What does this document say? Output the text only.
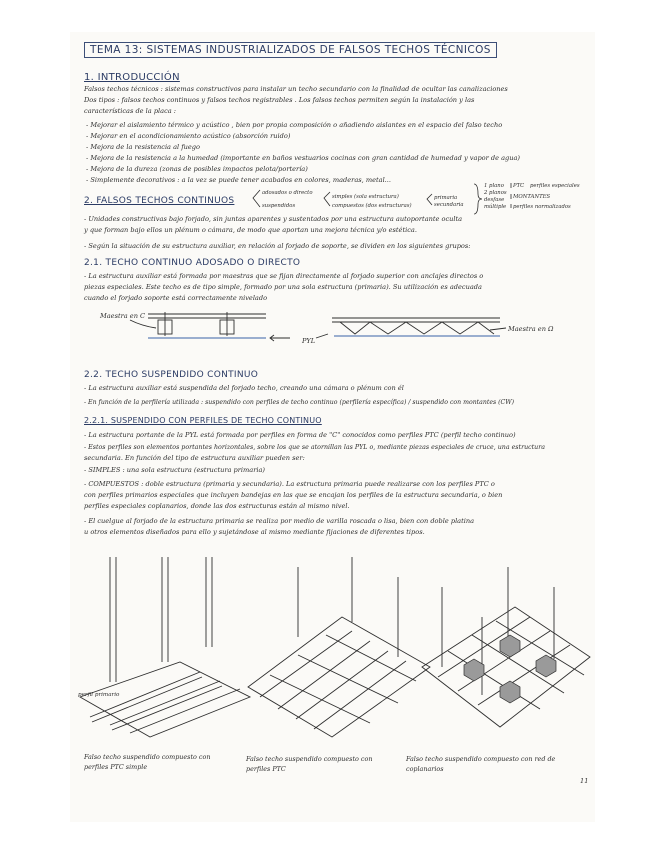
TEMA 13: SISTEMAS INDUSTRIALIZADOS DE FALSOS TECHOS TÉCNICOS
1. INTRODUCCIÓN
Falsos techos técnicos : sistemas constructivos para instalar un techo secundario con la finalidad de ocultar las canalizaciones
Dos tipos : falsos techos continuos y falsos techos registrables . Los falsos techos permiten según la instalación y las
características de la placa :
- Mejorar el aislamiento térmico y acústico , bien por propia composición o añadiendo aislantes en el espacio del falso techo
- Mejorar en el acondicionamiento acústico (absorción ruido)
- Mejora de la resistencia al fuego
- Mejora de la resistencia a la humedad (importante en baños vestuarios cocinas con gran cantidad de humedad y vapor de agua)
- Mejora de la dureza (zonas de posibles impactos pelota/portería)
- Simplemente decorativos : a la vez se puede tener acabados en colores, maderas, metal...
2. FALSOS TECHOS CONTINUOS
adosados o directo
suspendidos
simples (sola estructura)
compuestos (dos estructuras)
primaria
secundaria
1 plano
2 planos
desfase
múltiple
PTC perfiles especiales
MONTANTES
perfiles normalizados
- Unidades constructivas bajo forjado, sin juntas aparentes y sustentados por una estructura autoportante oculta
y que forman bajo ellos un plénum o cámara, de modo que aportan una mejora técnica y/o estética.
- Según la situación de su estructura auxiliar, en relación al forjado de soporte, se dividen en los siguientes grupos:
2.1. TECHO CONTINUO ADOSADO O DIRECTO
- La estructura auxiliar está formada por maestras que se fijan directamente al forjado superior con anclajes directos o
piezas especiales. Este techo es de tipo simple, formado por una sola estructura (primaria). Su utilización es adecuada
cuando el forjado soporte está correctamente nivelado
Maestra en C
PYL
Maestra en Ω
2.2. TECHO SUSPENDIDO CONTINUO
- La estructura auxiliar está suspendida del forjado techo, creando una cámara o plénum con él
- En función de la perfilería utilizada : suspendido con perfiles de techo continuo (perfilería específica) / suspendido con montantes (CW)
2.2.1. SUSPENDIDO CON PERFILES DE TECHO CONTINUO
- La estructura portante de la PYL está formada por perfiles en forma de "C" conocidos como perfiles PTC (perfil techo continuo)
- Estos perfiles son elementos portantes horizontales, sobre los que se atornillan las PYL o, mediante piezas especiales de cruce, una estructura
secundaria. En función del tipo de estructura auxiliar pueden ser:
- SIMPLES : una sola estructura (estructura primaria)
- COMPUESTOS : doble estructura (primaria y secundaria). La estructura primaria puede realizarse con los perfiles PTC o
con perfiles primarios especiales que incluyen bandejas en las que se encajan los perfiles de la estructura secundaria, o bien
perfiles especiales coplanarios, donde las dos estructuras están al mismo nivel.
- El cuelgue al forjado de la estructura primaria se realiza por medio de varilla roscada o lisa, bien con doble platina
u otros elementos diseñados para ello y sujetándose al mismo mediante fijaciones de diferentes tipos.
perfil primario
Falso techo suspendido compuesto con perfiles PTC simple
Falso techo suspendido compuesto con perfiles PTC
Falso techo suspendido compuesto con red de coplanarios
11
